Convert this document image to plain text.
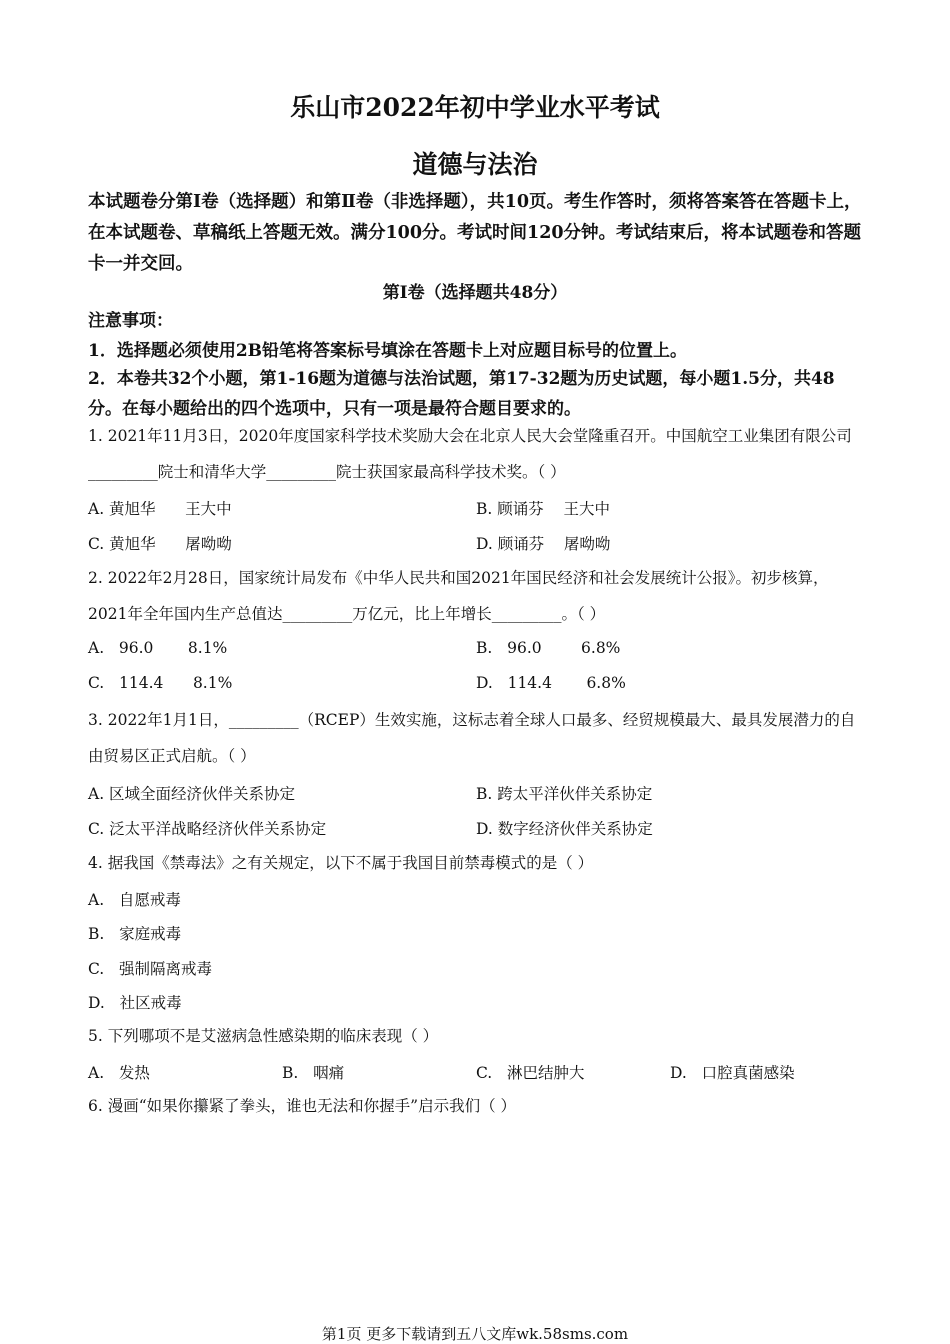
乐山市2022年初中学业水平考试
道德与法治
本试题卷分第I卷（选择题）和第Ⅱ卷（非选择题），共10页。考生作答时，须将答案答在答题卡上，在本试题卷、草稿纸上答题无效。满分100分。考试时间120分钟。考试结束后，将本试题卷和答题卡一并交回。
第I卷（选择题共48分）
注意事项：
1．选择题必须使用2B铅笔将答案标号填涂在答题卡上对应题目标号的位置上。
2．本卷共32个小题，第1-16题为道德与法治试题，第17-32题为历史试题，每小题1.5分，共48分。在每小题给出的四个选项中，只有一项是最符合题目要求的。
1. 2021年11月3日，2020年度国家科学技术奖励大会在北京人民大会堂隆重召开。中国航空工业集团有限公司_________院士和清华大学_________院士获国家最高科学技术奖。（ ）
A. 黄旭华      王大中	B. 顾诵芬    王大中
C. 黄旭华      屠呦呦	D. 顾诵芬    屠呦呦
2. 2022年2月28日，国家统计局发布《中华人民共和国2021年国民经济和社会发展统计公报》。初步核算，2021年全年国内生产总值达_________万亿元，比上年增长_________。（ ）
A.   96.0       8.1%	B.   96.0        6.8%
C.   114.4      8.1%	D.   114.4       6.8%
3. 2022年1月1日，_________（RCEP）生效实施，这标志着全球人口最多、经贸规模最大、最具发展潜力的自由贸易区正式启航。（ ）
A. 区域全面经济伙伴关系协定	B. 跨太平洋伙伴关系协定
C. 泛太平洋战略经济伙伴关系协定	D. 数字经济伙伴关系协定
4. 据我国《禁毒法》之有关规定，以下不属于我国目前禁毒模式的是（ ）
A.   自愿戒毒
B.   家庭戒毒
C.   强制隔离戒毒
D.   社区戒毒
5. 下列哪项不是艾滋病急性感染期的临床表现（ ）
A.   发热	B.   咽痛	C.   淋巴结肿大	D.   口腔真菌感染
6. 漫画“如果你攥紧了拳头，谁也无法和你握手”启示我们（ ）
第1页 更多下载请到五八文库wk.58sms.com
